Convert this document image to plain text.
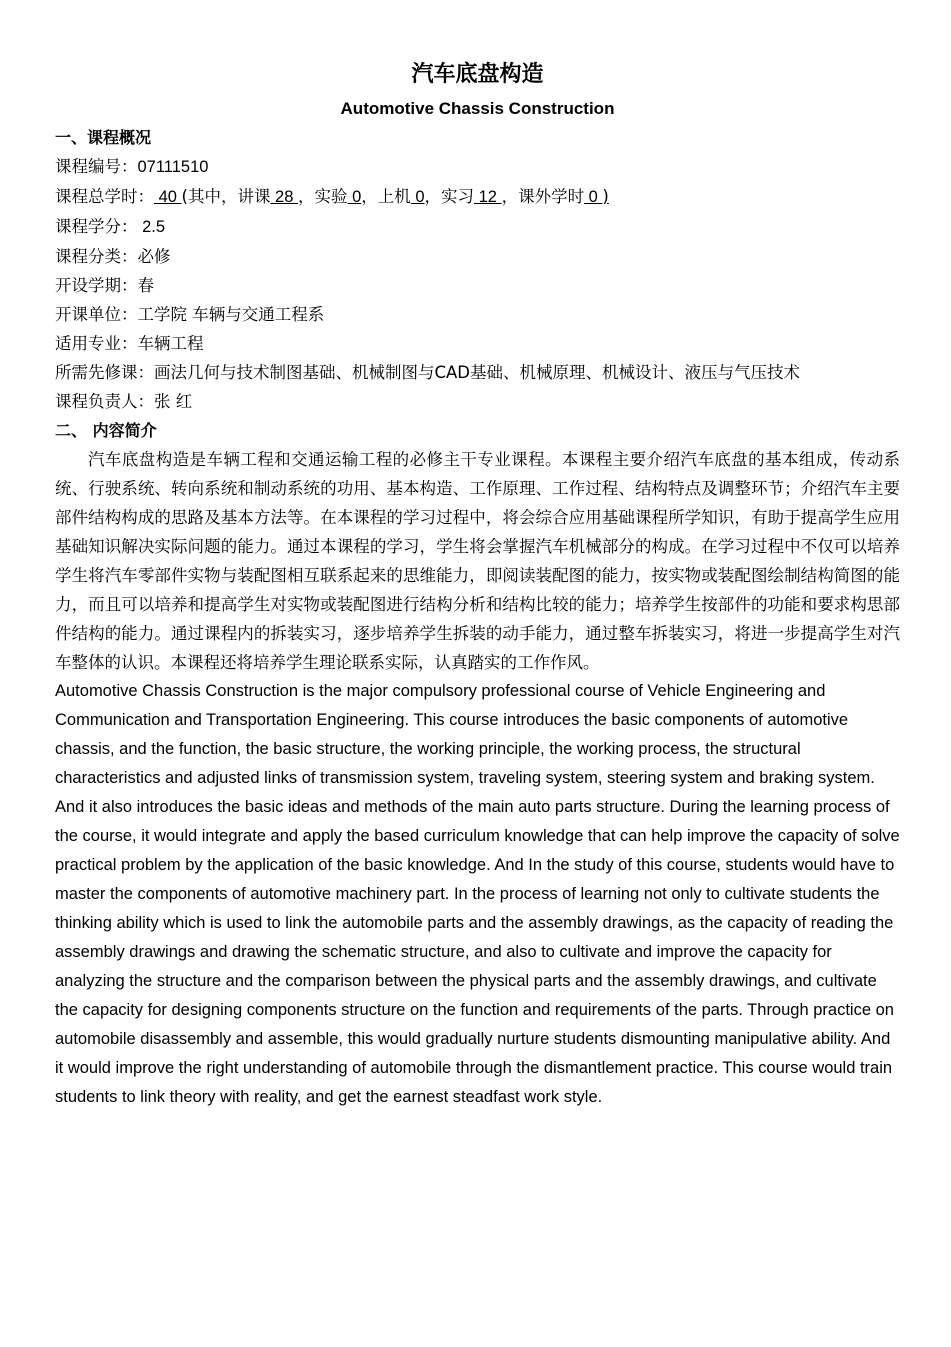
汽车底盘构造
Automotive Chassis Construction
一、课程概况
课程编号：07111510
课程总学时： 40 (其中，讲课 28 ，实验 0，上机 0，实习 12 ，课外学时 0 )
课程学分： 2.5
课程分类：必修
开设学期：春
开课单位：工学院 车辆与交通工程系
适用专业：车辆工程
所需先修课：画法几何与技术制图基础、机械制图与CAD基础、机械原理、机械设计、液压与气压技术
课程负责人：张 红
二、 内容简介

汽车底盘构造是车辆工程和交通运输工程的必修主干专业课程。本课程主要介绍汽车底盘的基本组成，传动系统、行驶系统、转向系统和制动系统的功用、基本构造、工作原理、工作过程、结构特点及调整环节；介绍汽车主要部件结构构成的思路及基本方法等。在本课程的学习过程中，将会综合应用基础课程所学知识，有助于提高学生应用基础知识解决实际问题的能力。通过本课程的学习，学生将会掌握汽车机械部分的构成。在学习过程中不仅可以培养学生将汽车零部件实物与装配图相互联系起来的思维能力，即阅读装配图的能力，按实物或装配图绘制结构简图的能力，而且可以培养和提高学生对实物或装配图进行结构分析和结构比较的能力；培养学生按部件的功能和要求构思部件结构的能力。通过课程内的拆装实习，逐步培养学生拆装的动手能力，通过整车拆装实习，将进一步提高学生对汽车整体的认识。本课程还将培养学生理论联系实际，认真踏实的工作作风。

Automotive Chassis Construction is the major compulsory professional course of Vehicle Engineering and Communication and Transportation Engineering. This course introduces the basic components of automotive chassis, and the function, the basic structure, the working principle, the working process, the structural characteristics and adjusted links of transmission system, traveling system, steering system and braking system. And it also introduces the basic ideas and methods of the main auto parts structure. During the learning process of the course, it would integrate and apply the based curriculum knowledge that can help improve the capacity of solve practical problem by the application of the basic knowledge. And In the study of this course, students would have to master the components of automotive machinery part. In the process of learning not only to cultivate students the thinking ability which is used to link the automobile parts and the assembly drawings, as the capacity of reading the assembly drawings and drawing the schematic structure, and also to cultivate and improve the capacity for analyzing the structure and the comparison between the physical parts and the assembly drawings, and cultivate the capacity for designing components structure on the function and requirements of the parts. Through practice on automobile disassembly and assemble, this would gradually nurture students dismounting manipulative ability. And it would improve the right understanding of automobile through the dismantlement practice. This course would train students to link theory with reality, and get the earnest steadfast work style.
